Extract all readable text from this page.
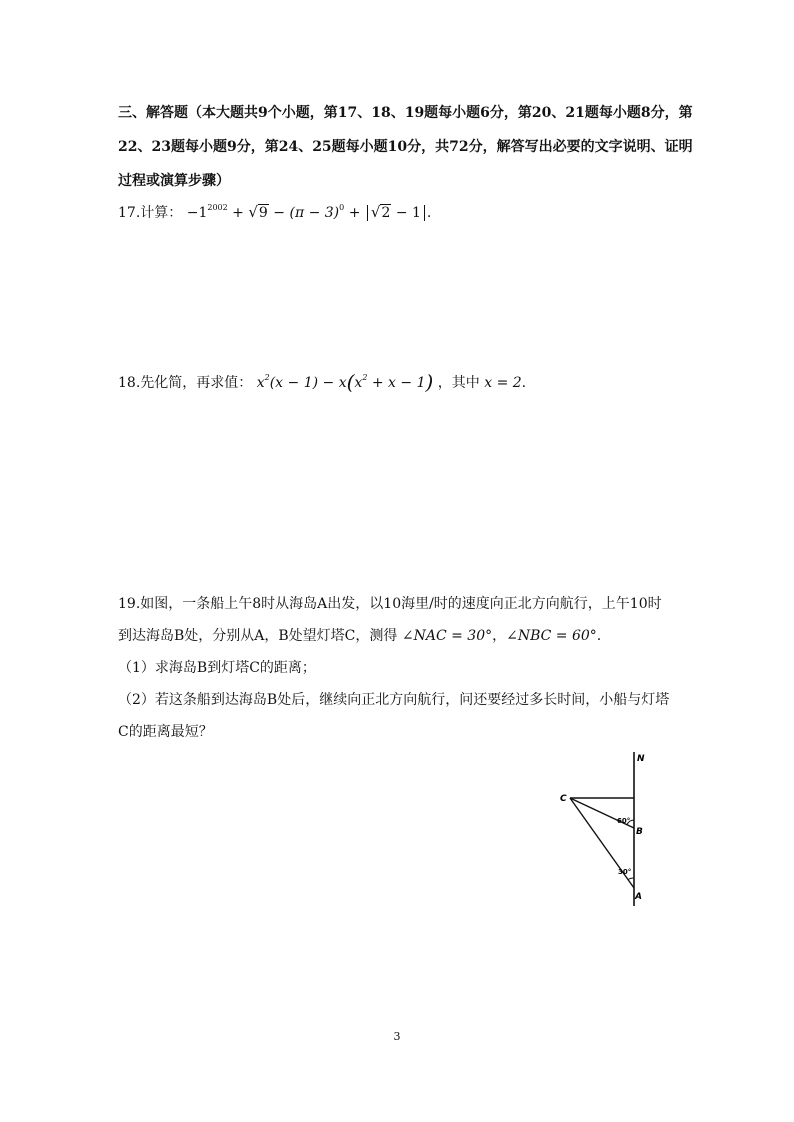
三、解答题（本大题共9个小题，第17、18、19题每小题6分，第20、21题每小题8分，第22、23题每小题9分，第24、25题每小题10分，共72分，解答写出必要的文字说明、证明过程或演算步骤）

17.计算： $-1^{2002} + √9 - (\pi - 3)^0 + √2 - 1$ .
18.先化简，再求值： $x^2(x - 1) - x(x^2 + x - 1)$ ，其中 x = 2.
19.如图，一条船上午8时从海岛A出发，以10海里/时的速度向正北方向航行，上午10时
到达海岛B处，分别从A，B处望灯塔C，测得 ∠NAC = 30°，∠NBC = 60°.
（1）求海岛B到灯塔C的距离；
（2）若这条船到达海岛B处后，继续向正北方向航行，问还要经过多长时间，小船与灯塔
C的距离最短？
N
C
B
A
60°
30°
3
